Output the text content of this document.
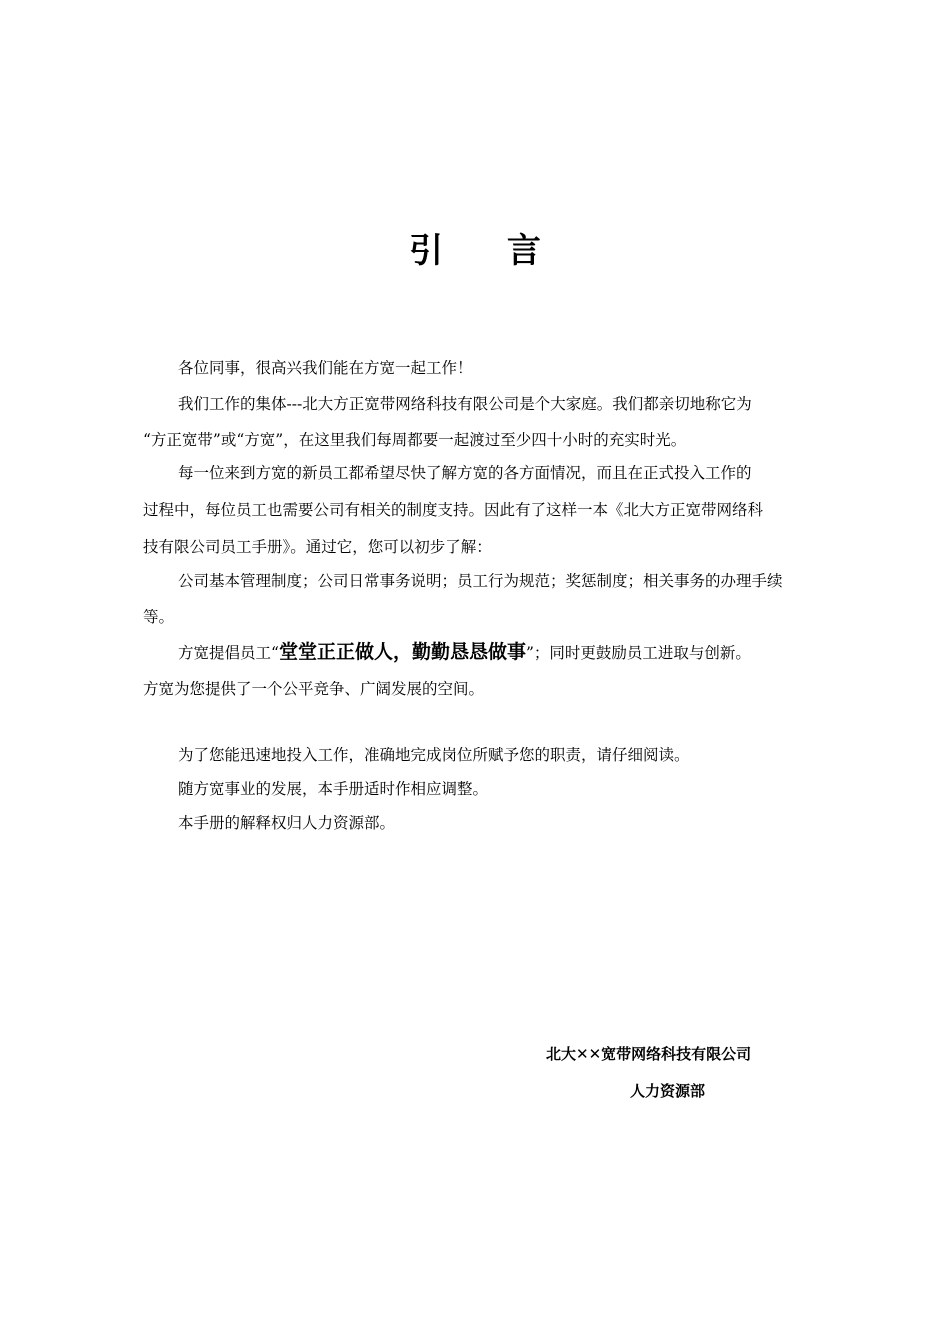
引 言
各位同事，很高兴我们能在方宽一起工作！
我们工作的集体---北大方正宽带网络科技有限公司是个大家庭。我们都亲切地称它为
“方正宽带”或“方宽”，在这里我们每周都要一起渡过至少四十小时的充实时光。
每一位来到方宽的新员工都希望尽快了解方宽的各方面情况，而且在正式投入工作的
过程中，每位员工也需要公司有相关的制度支持。因此有了这样一本《北大方正宽带网络科
技有限公司员工手册》。通过它，您可以初步了解：
公司基本管理制度；公司日常事务说明；员工行为规范；奖惩制度；相关事务的办理手续
等。
方宽提倡员工“堂堂正正做人，勤勤恳恳做事”；同时更鼓励员工进取与创新。
方宽为您提供了一个公平竞争、广阔发展的空间。
为了您能迅速地投入工作，准确地完成岗位所赋予您的职责，请仔细阅读。
随方宽事业的发展，本手册适时作相应调整。
本手册的解释权归人力资源部。
北大✕✕宽带网络科技有限公司
人力资源部
